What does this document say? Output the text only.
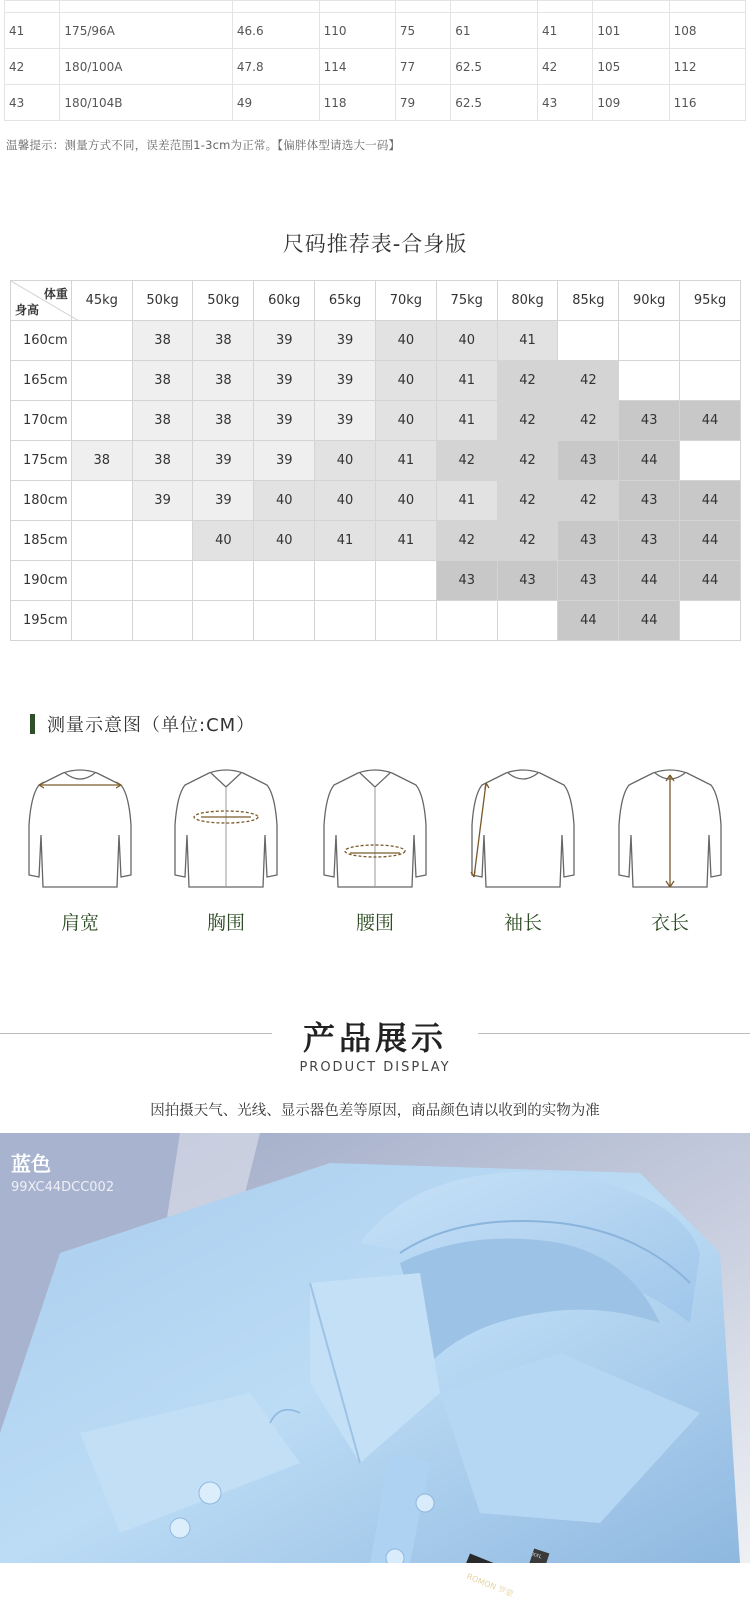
41	175/96A	46.6	110	75	61	41	101	108
42	180/100A	47.8	114	77	62.5	42	105	112
43	180/104B	49	118	79	62.5	43	109	116
温馨提示：测量方式不同，误差范围1-3cm为正常。【偏胖体型请选大一码】
尺码推荐表-合身版
体重
身高	45kg	50kg	50kg	60kg	65kg	70kg	75kg	80kg	85kg	90kg	95kg
160cm		38	38	39	39	40	40	41			
165cm		38	38	39	39	40	41	42	42		
170cm		38	38	39	39	40	41	42	42	43	44
175cm	38	38	39	39	40	41	42	42	43	44	
180cm		39	39	40	40	40	41	42	42	43	44
185cm			40	40	41	41	42	42	43	43	44
190cm							43	43	43	44	44
195cm									44	44	
测量示意图（单位:CM）
肩宽	胸围	腰围	袖长	衣长
产品展示
PRODUCT DISPLAY
因拍摄天气、光线、显示器色差等原因，商品颜色请以收到的实物为准
蓝色
99XC44DCC002
ROMON 罗蒙
XXL
